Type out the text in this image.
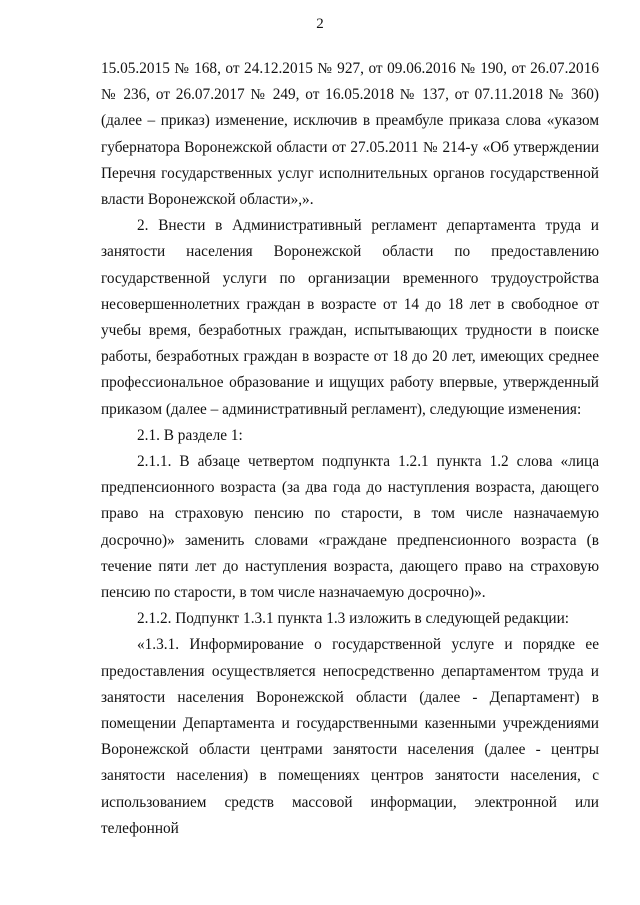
2

15.05.2015 № 168, от 24.12.2015 № 927, от 09.06.2016 № 190, от 26.07.2016 № 236, от 26.07.2017 № 249, от 16.05.2018 № 137, от 07.11.2018 № 360) (далее – приказ) изменение, исключив в преамбуле приказа слова «указом губернатора Воронежской области от 27.05.2011 № 214-у «Об утверждении Перечня государственных услуг исполнительных органов государственной власти Воронежской области»,».

2. Внести в Административный регламент департамента труда и занятости населения Воронежской области по предоставлению государственной услуги по организации временного трудоустройства несовершеннолетних граждан в возрасте от 14 до 18 лет в свободное от учебы время, безработных граждан, испытывающих трудности в поиске работы, безработных граждан в возрасте от 18 до 20 лет, имеющих среднее профессиональное образование и ищущих работу впервые, утвержденный приказом (далее – административный регламент), следующие изменения:

2.1. В разделе 1:

2.1.1. В абзаце четвертом подпункта 1.2.1 пункта 1.2 слова «лица предпенсионного возраста (за два года до наступления возраста, дающего право на страховую пенсию по старости, в том числе назначаемую досрочно)» заменить словами «граждане предпенсионного возраста (в течение пяти лет до наступления возраста, дающего право на страховую пенсию по старости, в том числе назначаемую досрочно)».

2.1.2. Подпункт 1.3.1 пункта 1.3 изложить в следующей редакции:

«1.3.1. Информирование о государственной услуге и порядке ее предоставления осуществляется непосредственно департаментом труда и занятости населения Воронежской области (далее - Департамент) в помещении Департамента и государственными казенными учреждениями Воронежской области центрами занятости населения (далее - центры занятости населения) в помещениях центров занятости населения, с использованием средств массовой информации, электронной или телефонной
